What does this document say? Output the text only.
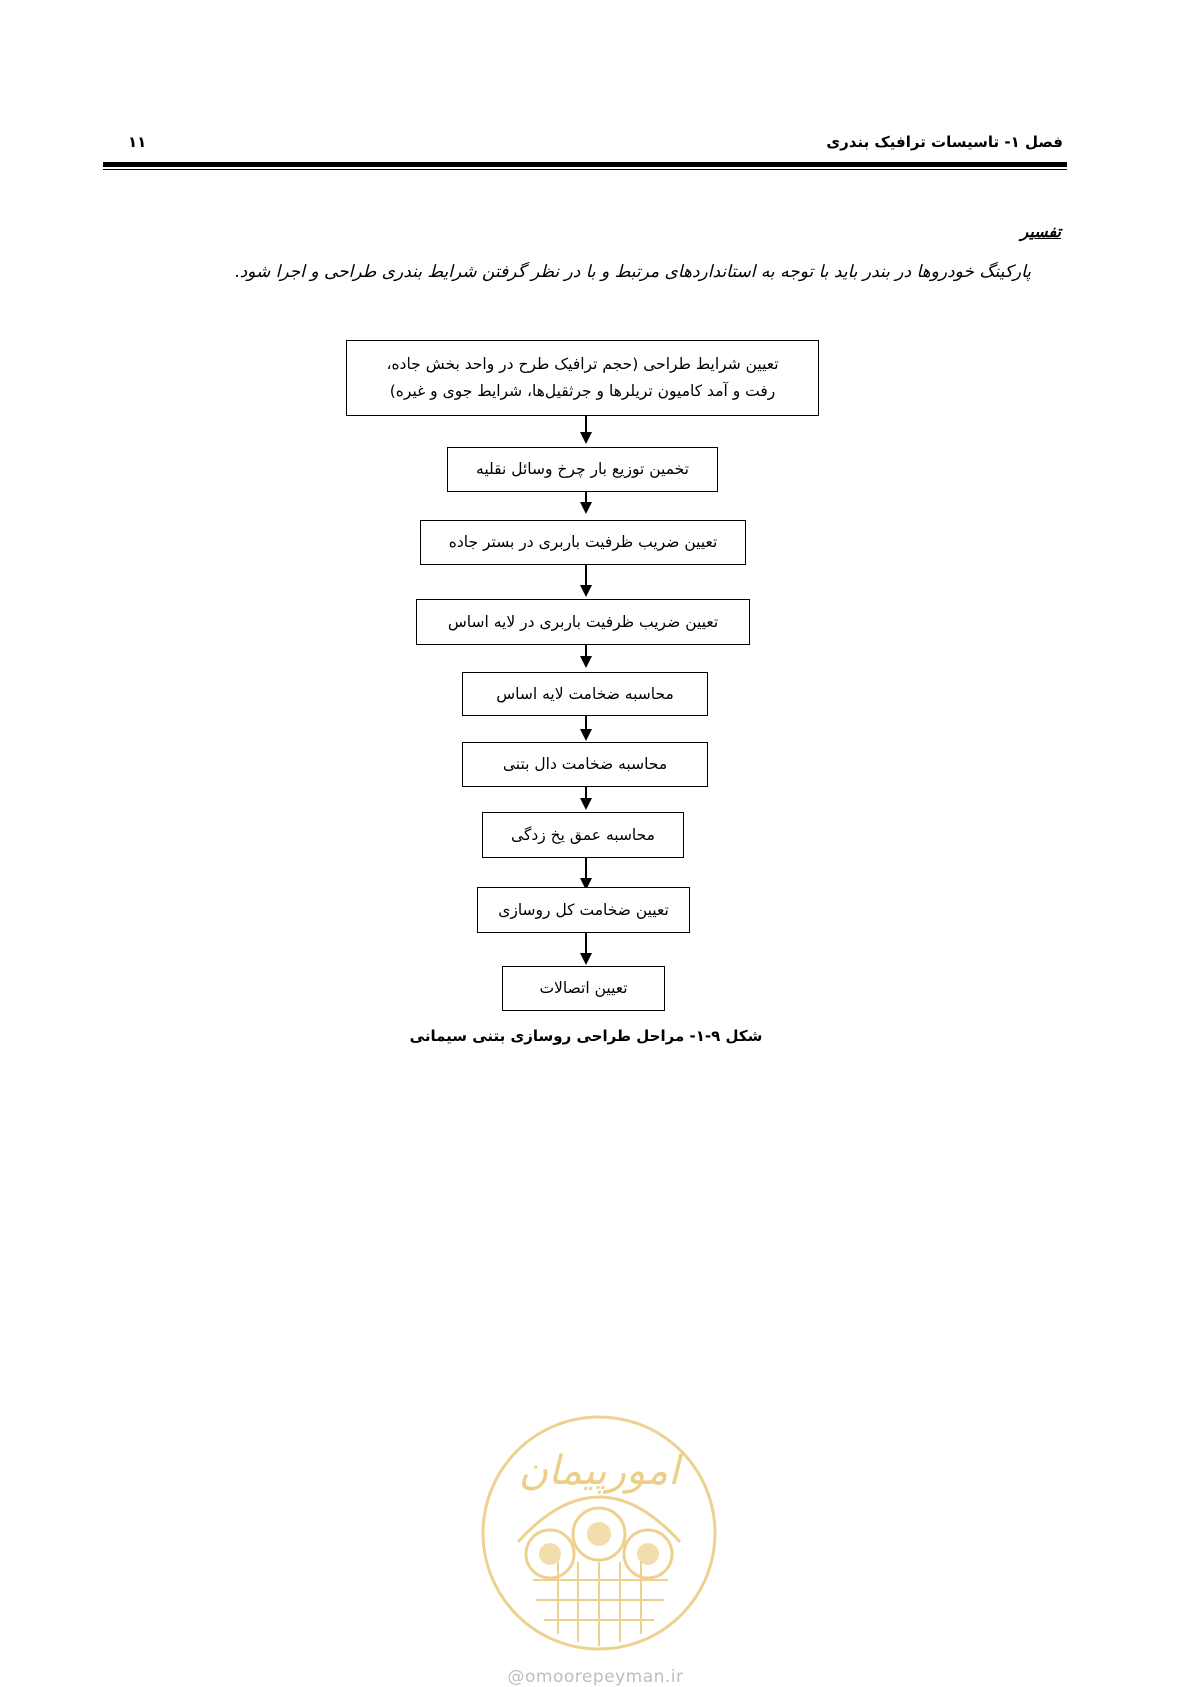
فصل ۱- تاسیسات ترافیک بندری
۱۱
تفسیر
پارکینگ خودروها در بندر باید با توجه به استانداردهای مرتبط و با در نظر گرفتن شرایط بندری طراحی و اجرا شود.
تعیین شرایط طراحی (حجم ترافیک طرح در واحد بخش جاده،
رفت و آمد کامیون تریلرها و جرثقیل‌ها، شرایط جوی و غیره)
تخمین توزیع بار چرخ وسائل نقلیه
تعیین ضریب ظرفیت باربری در بستر جاده
تعیین ضریب ظرفیت باربری در لایه اساس
محاسبه ضخامت لایه اساس
محاسبه ضخامت دال بتنی
محاسبه عمق یخ زدگی
تعیین ضخامت کل روسازی
تعیین اتصالات
شکل ۹-۱- مراحل طراحی روسازی بتنی سیمانی
امورپیمان
@omoorepeyman.ir
